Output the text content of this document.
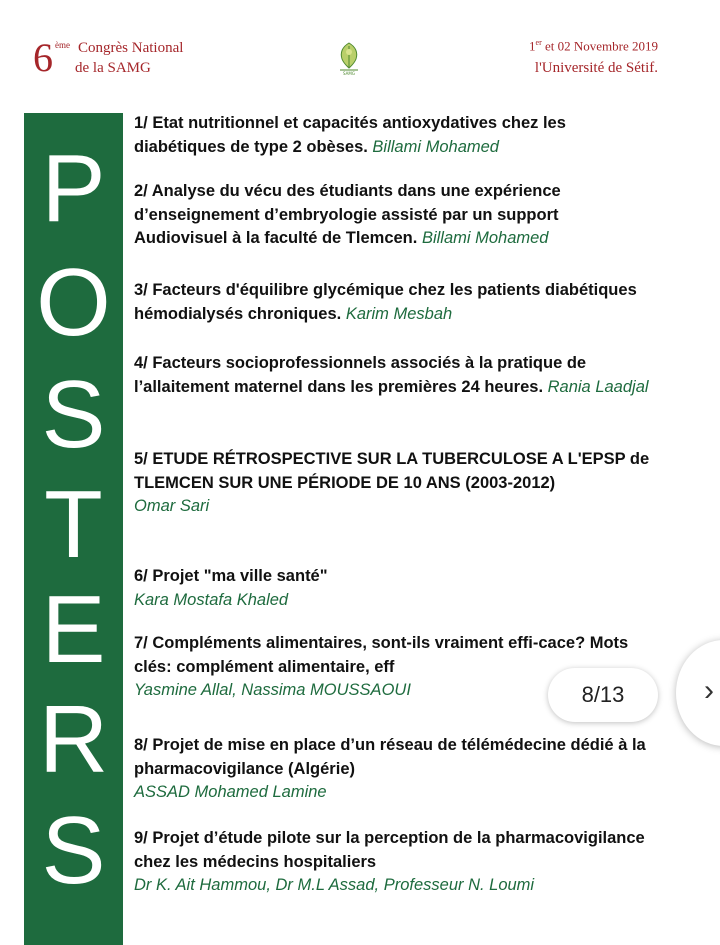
6 ème Congrès National
de la SAMG	SAMG
1er et 02 Novembre 2019
l'Université de Sétif.
P
O
S
T
E
R
S
1/ Etat nutritionnel et capacités antioxydatives chez les diabétiques de type 2 obèses. Billami Mohamed
2/ Analyse du vécu des étudiants dans une expérience d’enseignement d’embryologie assisté par un support Audiovisuel à la faculté de Tlemcen. Billami Mohamed
3/ Facteurs d'équilibre glycémique chez les patients diabétiques hémodialysés chroniques. Karim Mesbah
4/ Facteurs socioprofessionnels associés à la pratique de l’allaitement maternel dans les premières 24 heures. Rania Laadjal
5/ ETUDE RÉTROSPECTIVE SUR LA TUBERCULOSE A L'EPSP de TLEMCEN SUR UNE PÉRIODE DE 10 ANS (2003-2012)
Omar Sari
6/ Projet "ma ville santé"
Kara Mostafa Khaled
7/ Compléments alimentaires, sont-ils vraiment effi-cace? Mots clés: complément alimentaire, eff
Yasmine Allal, Nassima MOUSSAOUI
8/ Projet de mise en place d’un réseau de télémédecine dédié à la pharmacovigilance (Algérie)
ASSAD Mohamed Lamine
9/ Projet d’étude pilote sur la perception de la pharmacovigilance chez les médecins hospitaliers
Dr K. Ait Hammou, Dr M.L Assad, Professeur N. Loumi
8/13	›
